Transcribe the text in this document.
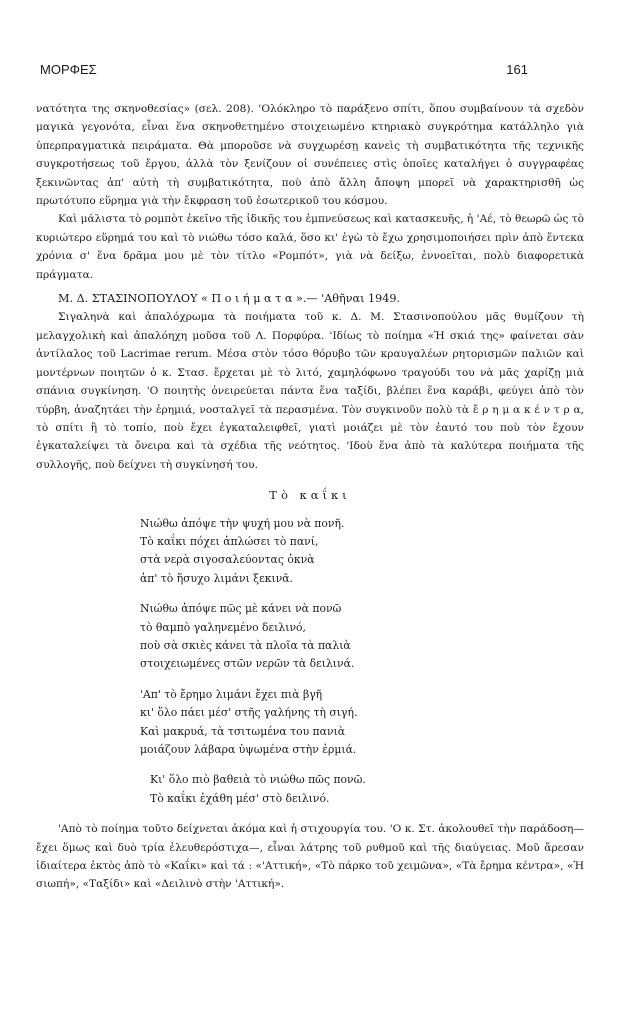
ΜΟΡΦΕΣ	161

νατότητα της σκηνοθεσίας» (σελ. 208). 'Ολόκληρο τὸ παράξενο σπίτι, ὅπου συμβαίνουν τὰ σχεδὸν μαγικὰ γεγονότα, εἶναι ἕνα σκηνοθετημένο στοιχειωμένο κτηριακὸ συγκρότημα κατάλληλο γιὰ ὑπερπραγματικὰ πειράματα. Θὰ μποροῦσε νὰ συγχωρέσῃ κανεὶς τὴ συμβατικότητα τῆς τεχνικῆς συγκροτήσεως τοῦ ἔργου, ἀλλὰ τὸν ξενίζουν οἱ συνέπειες στὶς ὁποῖες καταλήγει ὁ συγγραφέας ξεκινῶντας ἀπ' αὐτὴ τὴ συμβατικότητα, ποὺ ἀπὸ ἄλλη ἄποψη μπορεῖ νὰ χαρακτηρισθῆ ὡς πρωτότυπο εὕρημα γιὰ τὴν ἔκφραση τοῦ ἐσωτερικοῦ του κόσμου.

Καὶ μάλιστα τὸ ρομπὸτ ἐκεῖνο τῆς ἰδικῆς του ἐμπνεύσεως καὶ κατασκευῆς, ἡ 'Αέ, τὸ θεωρῶ ὡς τὸ κυριώτερο εὕρημά του καὶ τὸ νιώθω τόσο καλά, ὅσο κι' ἐγὼ τὸ ἔχω χρησιμοποιήσει πρὶν ἀπὸ ἕντεκα χρόνια σ' ἕνα δρᾶμα μου μὲ τὸν τίτλο «Ρομπότ», γιὰ νὰ δείξω, ἐννοεῖται, πολὺ διαφορετικὰ πράγματα.

Μ. Δ. ΣΤΑΣΙΝΟΠΟΥΛΟΥ « Π ο ι ή μ α τ α ».— 'Αθῆναι 1949.

Σιγαληνὰ καὶ ἀπαλόχρωμα τὰ ποιήματα τοῦ κ. Δ. Μ. Στασινοπούλου μᾶς θυμίζουν τὴ μελαγχολικὴ καὶ ἀπαλόηχη μοῦσα τοῦ Λ. Πορφύρα. 'Ιδίως τὸ ποίημα «Ἡ σκιά της» φαίνεται σὰν ἀντίλαλος τοῦ Lacrimae rerum. Μέσα στὸν τόσο θόρυβο τῶν κραυγαλέων ρητορισμῶν παλιῶν καὶ μοντέρνων ποιητῶν ὁ κ. Στασ. ἔρχεται μὲ τὸ λιτό, χαμηλόφωνο τραγούδι του νὰ μᾶς χαρίζῃ μιὰ σπάνια συγκίνηση. 'Ο ποιητὴς ὀνειρεύεται πάντα ἕνα ταξίδι, βλέπει ἕνα καράβι, φεύγει ἀπὸ τὸν τύρβη, ἀναζητάει τὴν ἐρημιά, νοσταλγεῖ τὰ περασμένα. Τὸν συγκινοῦν πολὺ τὰ ἔ ρ η μ α κ έ ν τ ρ α, τὸ σπίτι ἢ τὸ τοπίο, ποὺ ἔχει ἐγκαταλειφθεῖ, γιατὶ μοιάζει μὲ τὸν ἑαυτό του ποὺ τὸν ἔχουν ἐγκαταλείψει τὰ ὄνειρα καὶ τὰ σχέδια τῆς νεότητος. 'Ιδοὺ ἕνα ἀπὸ τὰ καλύτερα ποιήματα τῆς συλλογῆς, ποὺ δείχνει τὴ συγκίνησή του.

Τὸ καΐκι
Νιώθω ἀπόψε τὴν ψυχή μου νὰ πονῆ.
Τὸ καΐκι πόχει ἀπλώσει τὸ πανί,
στὰ νερὰ σιγοσαλεύοντας ὀκνὰ
ἀπ' τὸ ἥσυχο λιμάνι ξεκινᾶ.
Νιώθω ἀπόψε πῶς μὲ κάνει νὰ πονῶ
τὸ θαμπὸ γαληνεμένο δειλινό,
ποὺ σὰ σκιὲς κάνει τὰ πλοῖα τὰ παλιὰ
στοιχειωμένες στῶν νερῶν τὰ δειλινά.
'Απ' τὸ ἔρημο λιμάνι ἔχει πιὰ βγῆ
κι' ὅλο πάει μέσ' στῆς γαλήνης τὴ σιγή.
Καὶ μακρυά, τὰ τσιτωμένα του πανιὰ
μοιάζουν λάβαρα ὑψωμένα στὴν ἐρμιά.
Κι' ὅλο πιὸ βαθειὰ τὸ νιώθω πῶς πονῶ.
Τὸ καΐκι ἐχάθη μέσ' στὸ δειλινό.

'Απὸ τὸ ποίημα τοῦτο δείχνεται ἀκόμα καὶ ἡ στιχουργία του. 'Ο κ. Στ. ἀκολουθεῖ τὴν παράδοση—ἔχει ὅμως καὶ δυὸ τρία ἐλευθερόστιχα—, εἶναι λάτρης τοῦ ρυθμοῦ καὶ τῆς διαύγειας. Μοῦ ἄρεσαν ἰδιαίτερα ἐκτὸς ἀπὸ τὸ «Καΐκι» καὶ τά : «'Αττική», «Τὸ πάρκο τοῦ χειμῶνα», «Τὰ ἔρημα κέντρα», «Ἡ σιωπή», «Ταξίδι» καὶ «Δειλινὸ στὴν 'Αττική».
